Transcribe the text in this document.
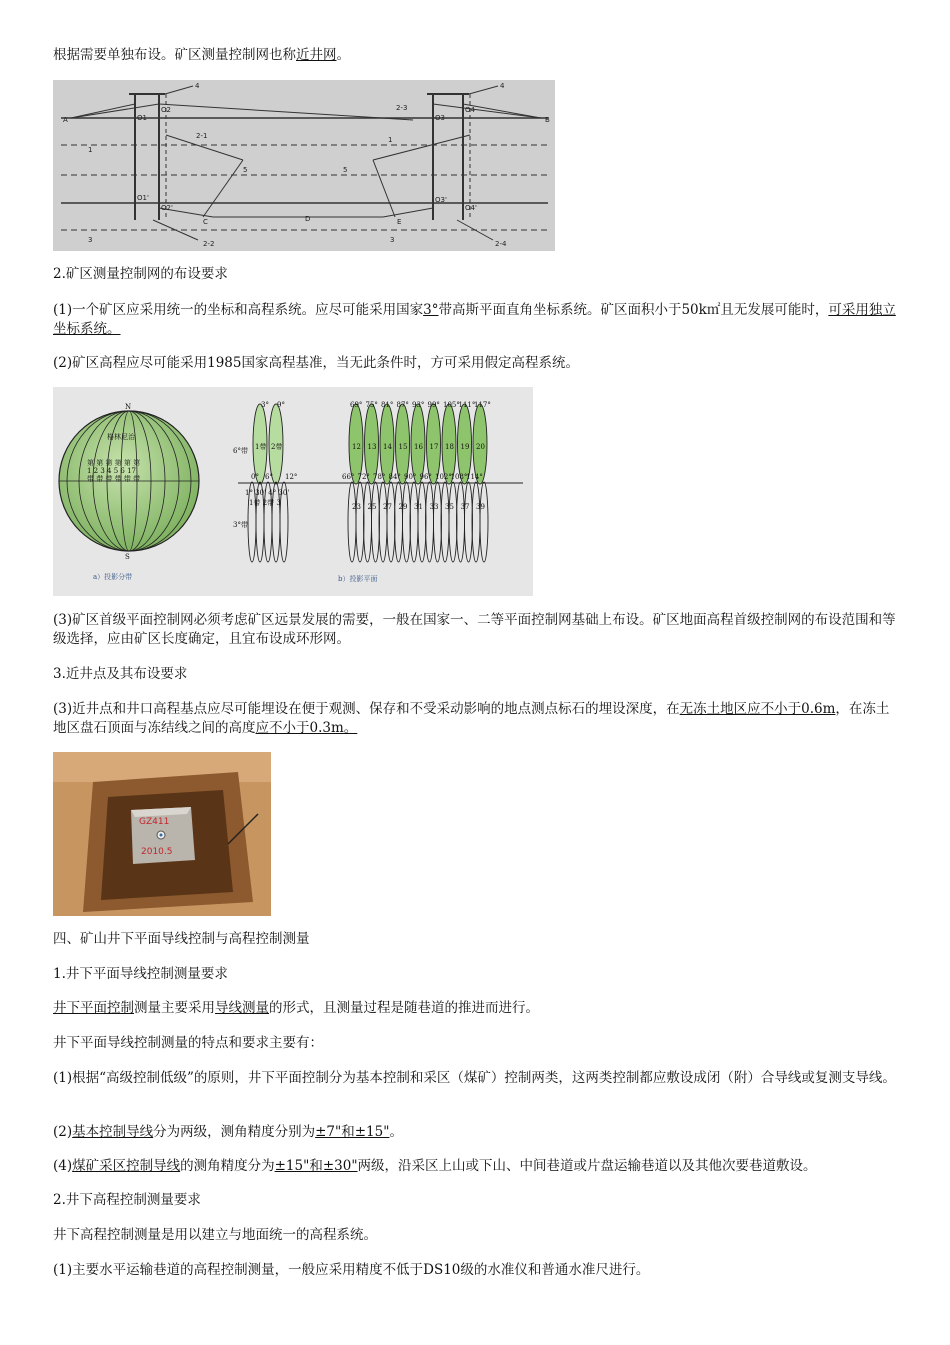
根据需要单独布设。矿区测量控制网也称近井网。

A	B
O1
O2
O3
O4
O1'
O2'
O3'
O4'
C	D	E
1
1
2-1
2-2
2-3
2-4
3	3
4	4
5	5

2.矿区测量控制网的布设要求

(1)一个矿区应采用统一的坐标和高程系统。应尽可能采用国家3°带高斯平面直角坐标系统。矿区面积小于50k㎡且无发展可能时，可采用独立坐标系统。

(2)矿区高程应尽可能采用1985国家高程基准，当无此条件时，方可采用假定高程系统。

N
S
格林尼治
第 第 第 第 第 第
1 2 3 4 5 6 17
带 带 带 带 带 带
6°带
3°带
3° 9°
1带 2带
0° 6° 12°
1° 30' 4° 30'
1带 2带 3
a）投影分带	b）投影平面
69°
12
66°
23
75°
13
72°
25
81°
14
78°
27
87°
15
84°
29
93°
16
90°
31
99°
17
96°
33
105°
18
102°
35
111°
19
108°
37
117°
20
114°
39

(3)矿区首级平面控制网必须考虑矿区远景发展的需要，一般在国家一、二等平面控制网基础上布设。矿区地面高程首级控制网的布设范围和等级选择，应由矿区长度确定，且宜布设成环形网。

3.近井点及其布设要求

(3)近井点和井口高程基点应尽可能埋设在便于观测、保存和不受采动影响的地点测点标石的埋设深度，在无冻土地区应不小于0.6m，在冻土地区盘石顶面与冻结线之间的高度应不小于0.3m。

GZ411
2010.5

四、矿山井下平面导线控制与高程控制测量

1.井下平面导线控制测量要求

井下平面控制测量主要采用导线测量的形式，且测量过程是随巷道的推进而进行。

井下平面导线控制测量的特点和要求主要有：

(1)根据“高级控制低级”的原则，井下平面控制分为基本控制和采区（煤矿）控制两类，这两类控制都应敷设成闭（附）合导线或复测支导线。

(2)基本控制导线分为两级，测角精度分别为±7"和±15"。

(4)煤矿采区控制导线的测角精度分为±15"和±30"两级，沿采区上山或下山、中间巷道或片盘运输巷道以及其他次要巷道敷设。

2.井下高程控制测量要求

井下高程控制测量是用以建立与地面统一的高程系统。

(1)主要水平运输巷道的高程控制测量，一般应采用精度不低于DS10级的水准仪和普通水准尺进行。
